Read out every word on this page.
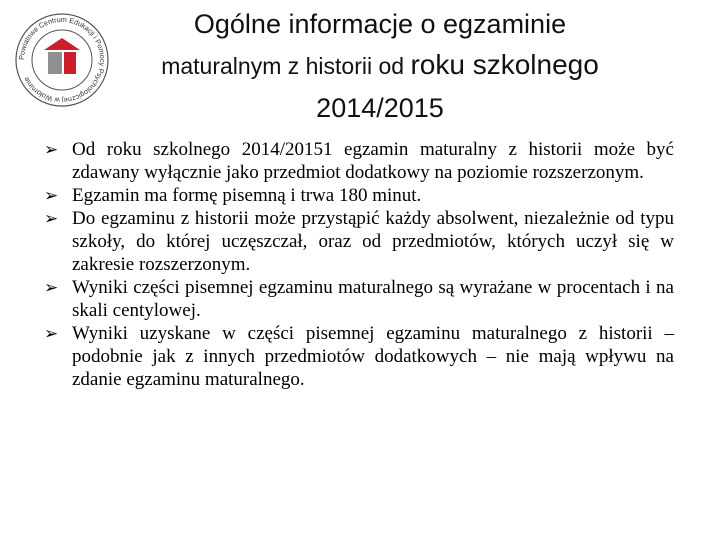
Powiatowe Centrum Edukacji i Pomocy Psychologicznej w Wołominie
Ogólne informacje o egzaminie
maturalnym z historii od roku szkolnego
2014/2015
➢ Od roku szkolnego 2014/20151 egzamin maturalny z historii może być zdawany wyłącznie jako przedmiot dodatkowy na poziomie rozszerzonym.
➢ Egzamin ma formę pisemną i trwa 180 minut.
➢ Do egzaminu z historii może przystąpić każdy absolwent, niezależnie od typu szkoły, do której uczęszczał, oraz od przedmiotów, których uczył się w zakresie rozszerzonym.
➢ Wyniki części pisemnej egzaminu maturalnego są wyrażane w procentach i na skali centylowej.
➢ Wyniki uzyskane w części pisemnej egzaminu maturalnego z historii – podobnie jak z innych przedmiotów dodatkowych – nie mają wpływu na zdanie egzaminu maturalnego.
